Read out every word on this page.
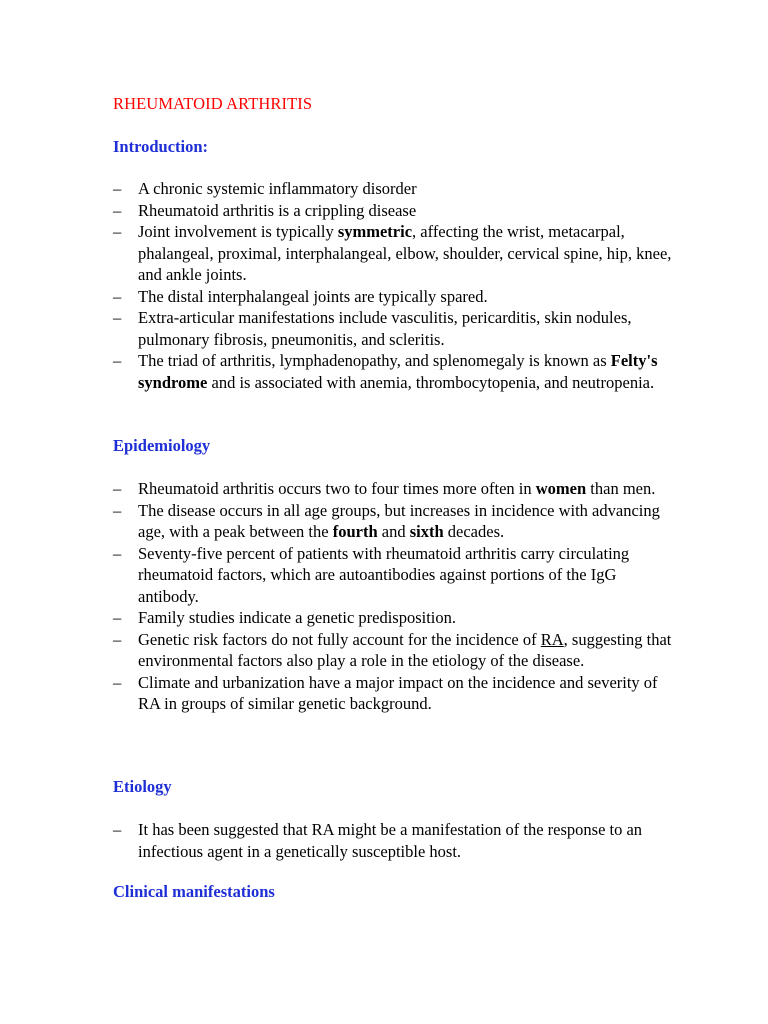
RHEUMATOID ARTHRITIS
Introduction:
– A chronic systemic inflammatory disorder
– Rheumatoid arthritis is a crippling disease
– Joint involvement is typically symmetric, affecting the wrist, metacarpal, phalangeal, proximal, interphalangeal, elbow, shoulder, cervical spine, hip, knee, and ankle joints.
– The distal interphalangeal joints are typically spared.
– Extra-articular manifestations include vasculitis, pericarditis, skin nodules, pulmonary fibrosis, pneumonitis, and scleritis.
– The triad of arthritis, lymphadenopathy, and splenomegaly is known as Felty's syndrome and is associated with anemia, thrombocytopenia, and neutropenia.
Epidemiology
– Rheumatoid arthritis occurs two to four times more often in women than men.
– The disease occurs in all age groups, but increases in incidence with advancing age, with a peak between the fourth and sixth decades.
– Seventy-five percent of patients with rheumatoid arthritis carry circulating rheumatoid factors, which are autoantibodies against portions of the IgG antibody.
– Family studies indicate a genetic predisposition.
– Genetic risk factors do not fully account for the incidence of RA, suggesting that environmental factors also play a role in the etiology of the disease.
– Climate and urbanization have a major impact on the incidence and severity of RA in groups of similar genetic background.
Etiology
– It has been suggested that RA might be a manifestation of the response to an infectious agent in a genetically susceptible host.
Clinical manifestations
